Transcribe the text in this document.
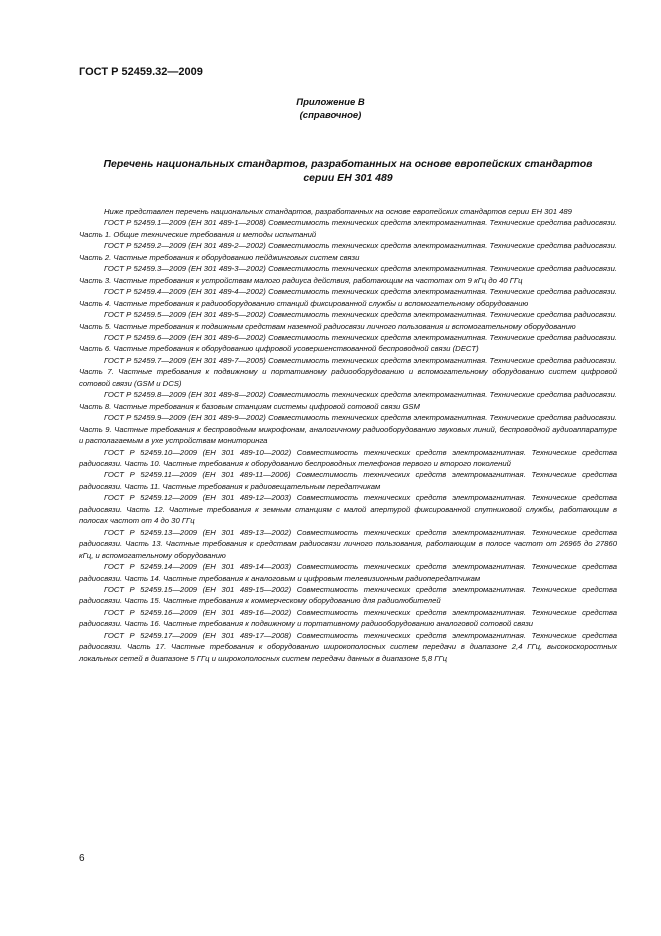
ГОСТ Р 52459.32—2009
Приложение В
(справочное)
Перечень национальных стандартов, разработанных на основе европейских стандартов
серии ЕН 301 489

Ниже представлен перечень национальных стандартов, разработанных на основе европейских стандартов серии ЕН 301 489

ГОСТ Р 52459.1—2009 (ЕН 301 489-1—2008) Совместимость технических средств электромагнитная. Технические средства радиосвязи. Часть 1. Общие технические требования и методы испытаний

ГОСТ Р 52459.2—2009 (ЕН 301 489-2—2002) Совместимость технических средств электромагнитная. Технические средства радиосвязи. Часть 2. Частные требования к оборудованию пейджинговых систем связи

ГОСТ Р 52459.3—2009 (ЕН 301 489-3—2002) Совместимость технических средств электромагнитная. Технические средства радиосвязи. Часть 3. Частные требования к устройствам малого радиуса действия, работающим на частотах от 9 кГц до 40 ГГц

ГОСТ Р 52459.4—2009 (ЕН 301 489-4—2002) Совместимость технических средств электромагнитная. Технические средства радиосвязи. Часть 4. Частные требования к радиооборудованию станций фиксированной службы и вспомогательному оборудованию

ГОСТ Р 52459.5—2009 (ЕН 301 489-5—2002) Совместимость технических средств электромагнитная. Технические средства радиосвязи. Часть 5. Частные требования к подвижным средствам наземной радиосвязи личного пользования и вспомогательному оборудованию

ГОСТ Р 52459.6—2009 (ЕН 301 489-6—2002) Совместимость технических средств электромагнитная. Технические средства радиосвязи. Часть 6. Частные требования к оборудованию цифровой усовершенствованной беспроводной связи (DECT)

ГОСТ Р 52459.7—2009 (ЕН 301 489-7—2005) Совместимость технических средств электромагнитная. Технические средства радиосвязи. Часть 7. Частные требования к подвижному и портативному радиооборудованию и вспомогательному оборудованию систем цифровой сотовой связи (GSM и DCS)

ГОСТ Р 52459.8—2009 (ЕН 301 489-8—2002) Совместимость технических средств электромагнитная. Технические средства радиосвязи. Часть 8. Частные требования к базовым станциям системы цифровой сотовой связи GSM

ГОСТ Р 52459.9—2009 (ЕН 301 489-9—2002) Совместимость технических средств электромагнитная. Технические средства радиосвязи. Часть 9. Частные требования к беспроводным микрофонам, аналогичному радиооборудованию звуковых линий, беспроводной аудиоаппаратуре и располагаемым в ухе устройствам мониторинга

ГОСТ Р 52459.10—2009 (ЕН 301 489-10—2002) Совместимость технических средств электромагнитная. Технические средства радиосвязи. Часть 10. Частные требования к оборудованию беспроводных телефонов первого и второго поколений

ГОСТ Р 52459.11—2009 (ЕН 301 489-11—2006) Совместимость технических средств электромагнитная. Технические средства радиосвязи. Часть 11. Частные требования к радиовещательным передатчикам

ГОСТ Р 52459.12—2009 (ЕН 301 489-12—2003) Совместимость технических средств электромагнитная. Технические средства радиосвязи. Часть 12. Частные требования к земным станциям с малой апертурой фиксированной спутниковой службы, работающим в полосах частот от 4 до 30 ГГц

ГОСТ Р 52459.13—2009 (ЕН 301 489-13—2002) Совместимость технических средств электромагнитная. Технические средства радиосвязи. Часть 13. Частные требования к средствам радиосвязи личного пользования, работающим в полосе частот от 26965 до 27860 кГц, и вспомогательному оборудованию

ГОСТ Р 52459.14—2009 (ЕН 301 489-14—2003) Совместимость технических средств электромагнитная. Технические средства радиосвязи. Часть 14. Частные требования к аналоговым и цифровым телевизионным радиопередатчикам

ГОСТ Р 52459.15—2009 (ЕН 301 489-15—2002) Совместимость технических средств электромагнитная. Технические средства радиосвязи. Часть 15. Частные требования к коммерческому оборудованию для радиолюбителей

ГОСТ Р 52459.16—2009 (ЕН 301 489-16—2002) Совместимость технических средств электромагнитная. Технические средства радиосвязи. Часть 16. Частные требования к подвижному и портативному радиооборудованию аналоговой сотовой связи

ГОСТ Р 52459.17—2009 (ЕН 301 489-17—2008) Совместимость технических средств электромагнитная. Технические средства радиосвязи. Часть 17. Частные требования к оборудованию широкополосных систем передачи в диапазоне 2,4 ГГц, высокоскоростных локальных сетей в диапазоне 5 ГГц и широкополосных систем передачи данных в диапазоне 5,8 ГГц

6
